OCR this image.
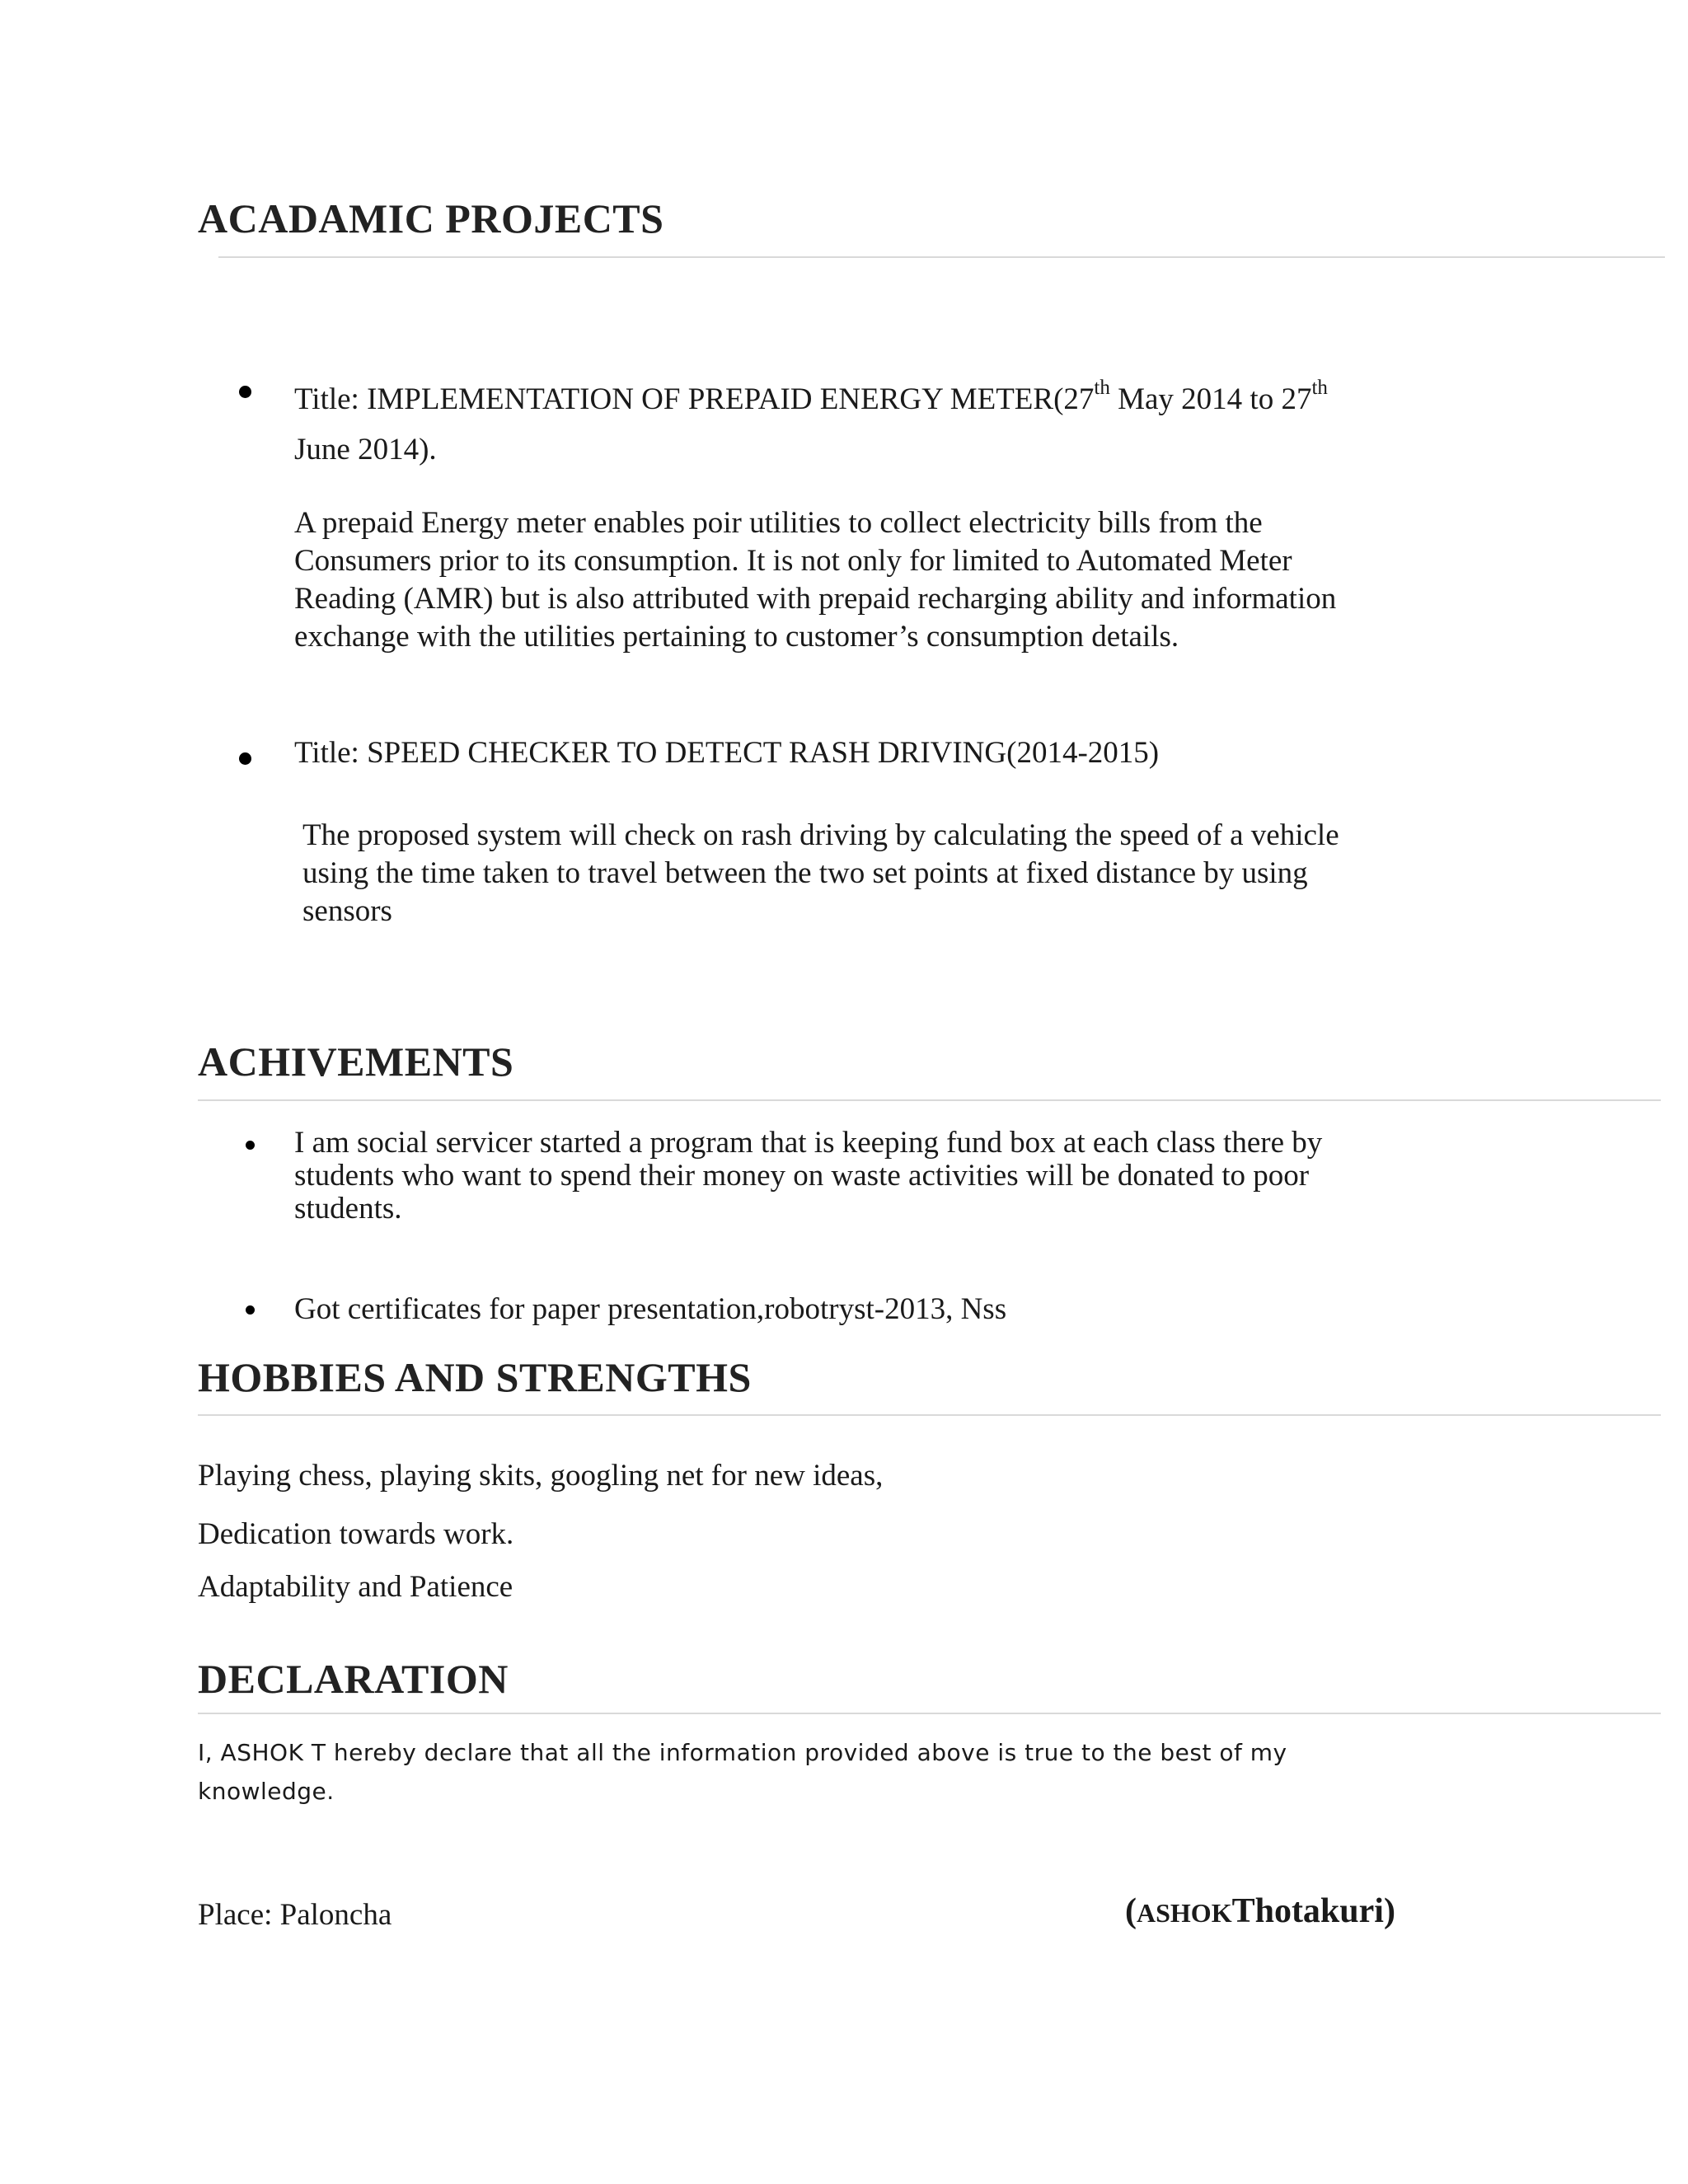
ACADAMIC PROJECTS
Title: IMPLEMENTATION OF PREPAID ENERGY METER(27th May 2014 to 27th
June 2014).
A prepaid Energy meter enables poir utilities to collect electricity bills from the
Consumers prior to its consumption. It is not only for limited to Automated Meter
Reading (AMR) but is also attributed with prepaid recharging ability and information
exchange with the utilities pertaining to customer’s consumption details.
Title: SPEED CHECKER TO DETECT RASH DRIVING(2014-2015)
The proposed system will check on rash driving by calculating the speed of a vehicle
using the time taken to travel between the two set points at fixed distance by using
sensors
ACHIVEMENTS
I am social servicer started a program that is keeping fund box at each class there by
students who want to spend their money on waste activities will be donated to poor
students.
Got certificates for paper presentation,robotryst-2013, Nss
HOBBIES AND STRENGTHS
Playing chess, playing skits, googling net for new ideas,
Dedication towards work.
Adaptability and Patience
DECLARATION
I, ASHOK T hereby declare that all the information provided above is true to the best of my
knowledge.
Place: Paloncha	(ASHOKThotakuri)
